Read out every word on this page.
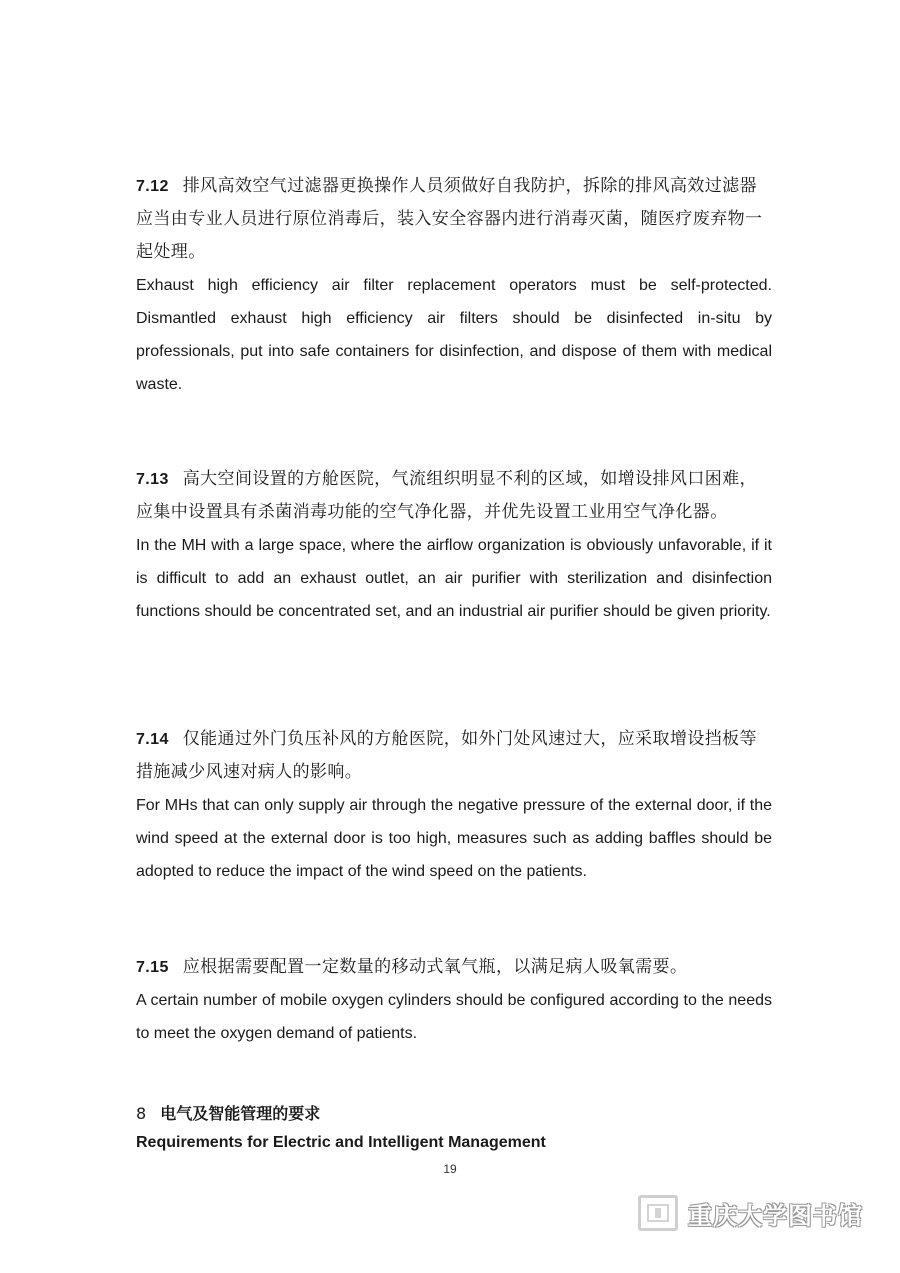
7.12 排风高效空气过滤器更换操作人员须做好自我防护，拆除的排风高效过滤器应当由专业人员进行原位消毒后，装入安全容器内进行消毒灭菌，随医疗废弃物一起处理。

Exhaust high efficiency air filter replacement operators must be self-protected. Dismantled exhaust high efficiency air filters should be disinfected in-situ by professionals, put into safe containers for disinfection, and dispose of them with medical waste.

7.13 高大空间设置的方舱医院，气流组织明显不利的区域，如增设排风口困难，应集中设置具有杀菌消毒功能的空气净化器，并优先设置工业用空气净化器。

In the MH with a large space, where the airflow organization is obviously unfavorable, if it is difficult to add an exhaust outlet, an air purifier with sterilization and disinfection functions should be concentrated set, and an industrial air purifier should be given priority.

7.14 仅能通过外门负压补风的方舱医院，如外门处风速过大，应采取增设挡板等措施减少风速对病人的影响。

For MHs that can only supply air through the negative pressure of the external door, if the wind speed at the external door is too high, measures such as adding baffles should be adopted to reduce the impact of the wind speed on the patients.

7.15 应根据需要配置一定数量的移动式氧气瓶，以满足病人吸氧需要。

A certain number of mobile oxygen cylinders should be configured according to the needs to meet the oxygen demand of patients.

8 电气及智能管理的要求

Requirements for Electric and Intelligent Management

19
重庆大学图书馆
